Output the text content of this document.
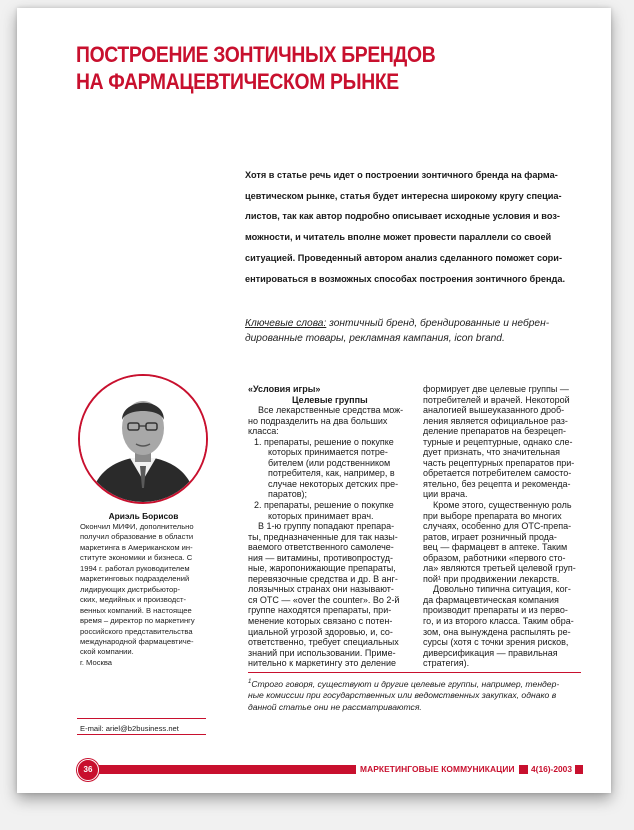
ПОСТРОЕНИЕ ЗОНТИЧНЫХ БРЕНДОВ
НА ФАРМАЦЕВТИЧЕСКОМ РЫНКЕ
Хотя в статье речь идет о построении зонтичного бренда на фарма-
цевтическом рынке, статья будет интересна широкому кругу специа-
листов, так как автор подробно описывает исходные условия и воз-
можности, и читатель вполне может провести параллели со своей
ситуацией. Проведенный автором анализ сделанного поможет сори-
ентироваться в возможных способах построения зонтичного бренда.
Ключевые слова: зонтичный бренд, брендированные и небрен-
дированные товары, рекламная кампания, icon brand.
Ариэль Борисов
Окончил МИФИ, дополнительно
получил образование в области
маркетинга в Американском ин-
ституте экономики и бизнеса. С
1994 г. работал руководителем
маркетинговых подразделений
лидирующих дистрибьютор-
ских, медийных и производст-
венных компаний. В настоящее
время – директор по маркетингу
российского представительства
международной фармацевтиче-
ской компании.
г. Москва
E-mail: ariel@b2business.net
«Условия игры»
Целевые группы
Все лекарственные средства мож-
но подразделить на два больших
класса:
1. препараты, решение о покупке
которых принимается потре-
бителем (или родственником
потребителя, как, например, в
случае некоторых детских пре-
паратов);
2. препараты, решение о покупке
которых принимает врач.
В 1-ю группу попадают препара-
ты, предназначенные для так назы-
ваемого ответственного самолече-
ния — витамины, противопростуд-
ные, жаропонижающие препараты,
перевязочные средства и др. В анг-
лоязычных странах они называют-
ся ОТС — «over the counter». Во 2-й
группе находятся препараты, при-
менение которых связано с потен-
циальной угрозой здоровью, и, со-
ответственно, требует специальных
знаний при использовании. Приме-
нительно к маркетингу это деление
формирует две целевые группы —
потребителей и врачей. Некоторой
аналогией вышеуказанного дроб-
ления является официальное раз-
деление препаратов на безрецеп-
турные и рецептурные, однако сле-
дует признать, что значительная
часть рецептурных препаратов при-
обретается потребителем самосто-
ятельно, без рецепта и рекоменда-
ции врача.
Кроме этого, существенную роль
при выборе препарата во многих
случаях, особенно для ОТС-препа-
ратов, играет розничный прода-
вец — фармацевт в аптеке. Таким
образом, работники «первого сто-
ла» являются третьей целевой груп-
пой¹ при продвижении лекарств.
Довольно типична ситуация, ког-
да фармацевтическая компания
производит препараты и из перво-
го, и из второго класса. Таким обра-
зом, она вынуждена распылять ре-
сурсы (хотя с точки зрения рисков,
диверсификация — правильная
стратегия).
$^1$Строго говоря, существуют и другие целевые группы, например, тендер-
ные комиссии при государственных или ведомственных закупках, однако в
данной статье они не рассматриваются.
36	МАРКЕТИНГОВЫЕ КОММУНИКАЦИИ	4(16)-2003
